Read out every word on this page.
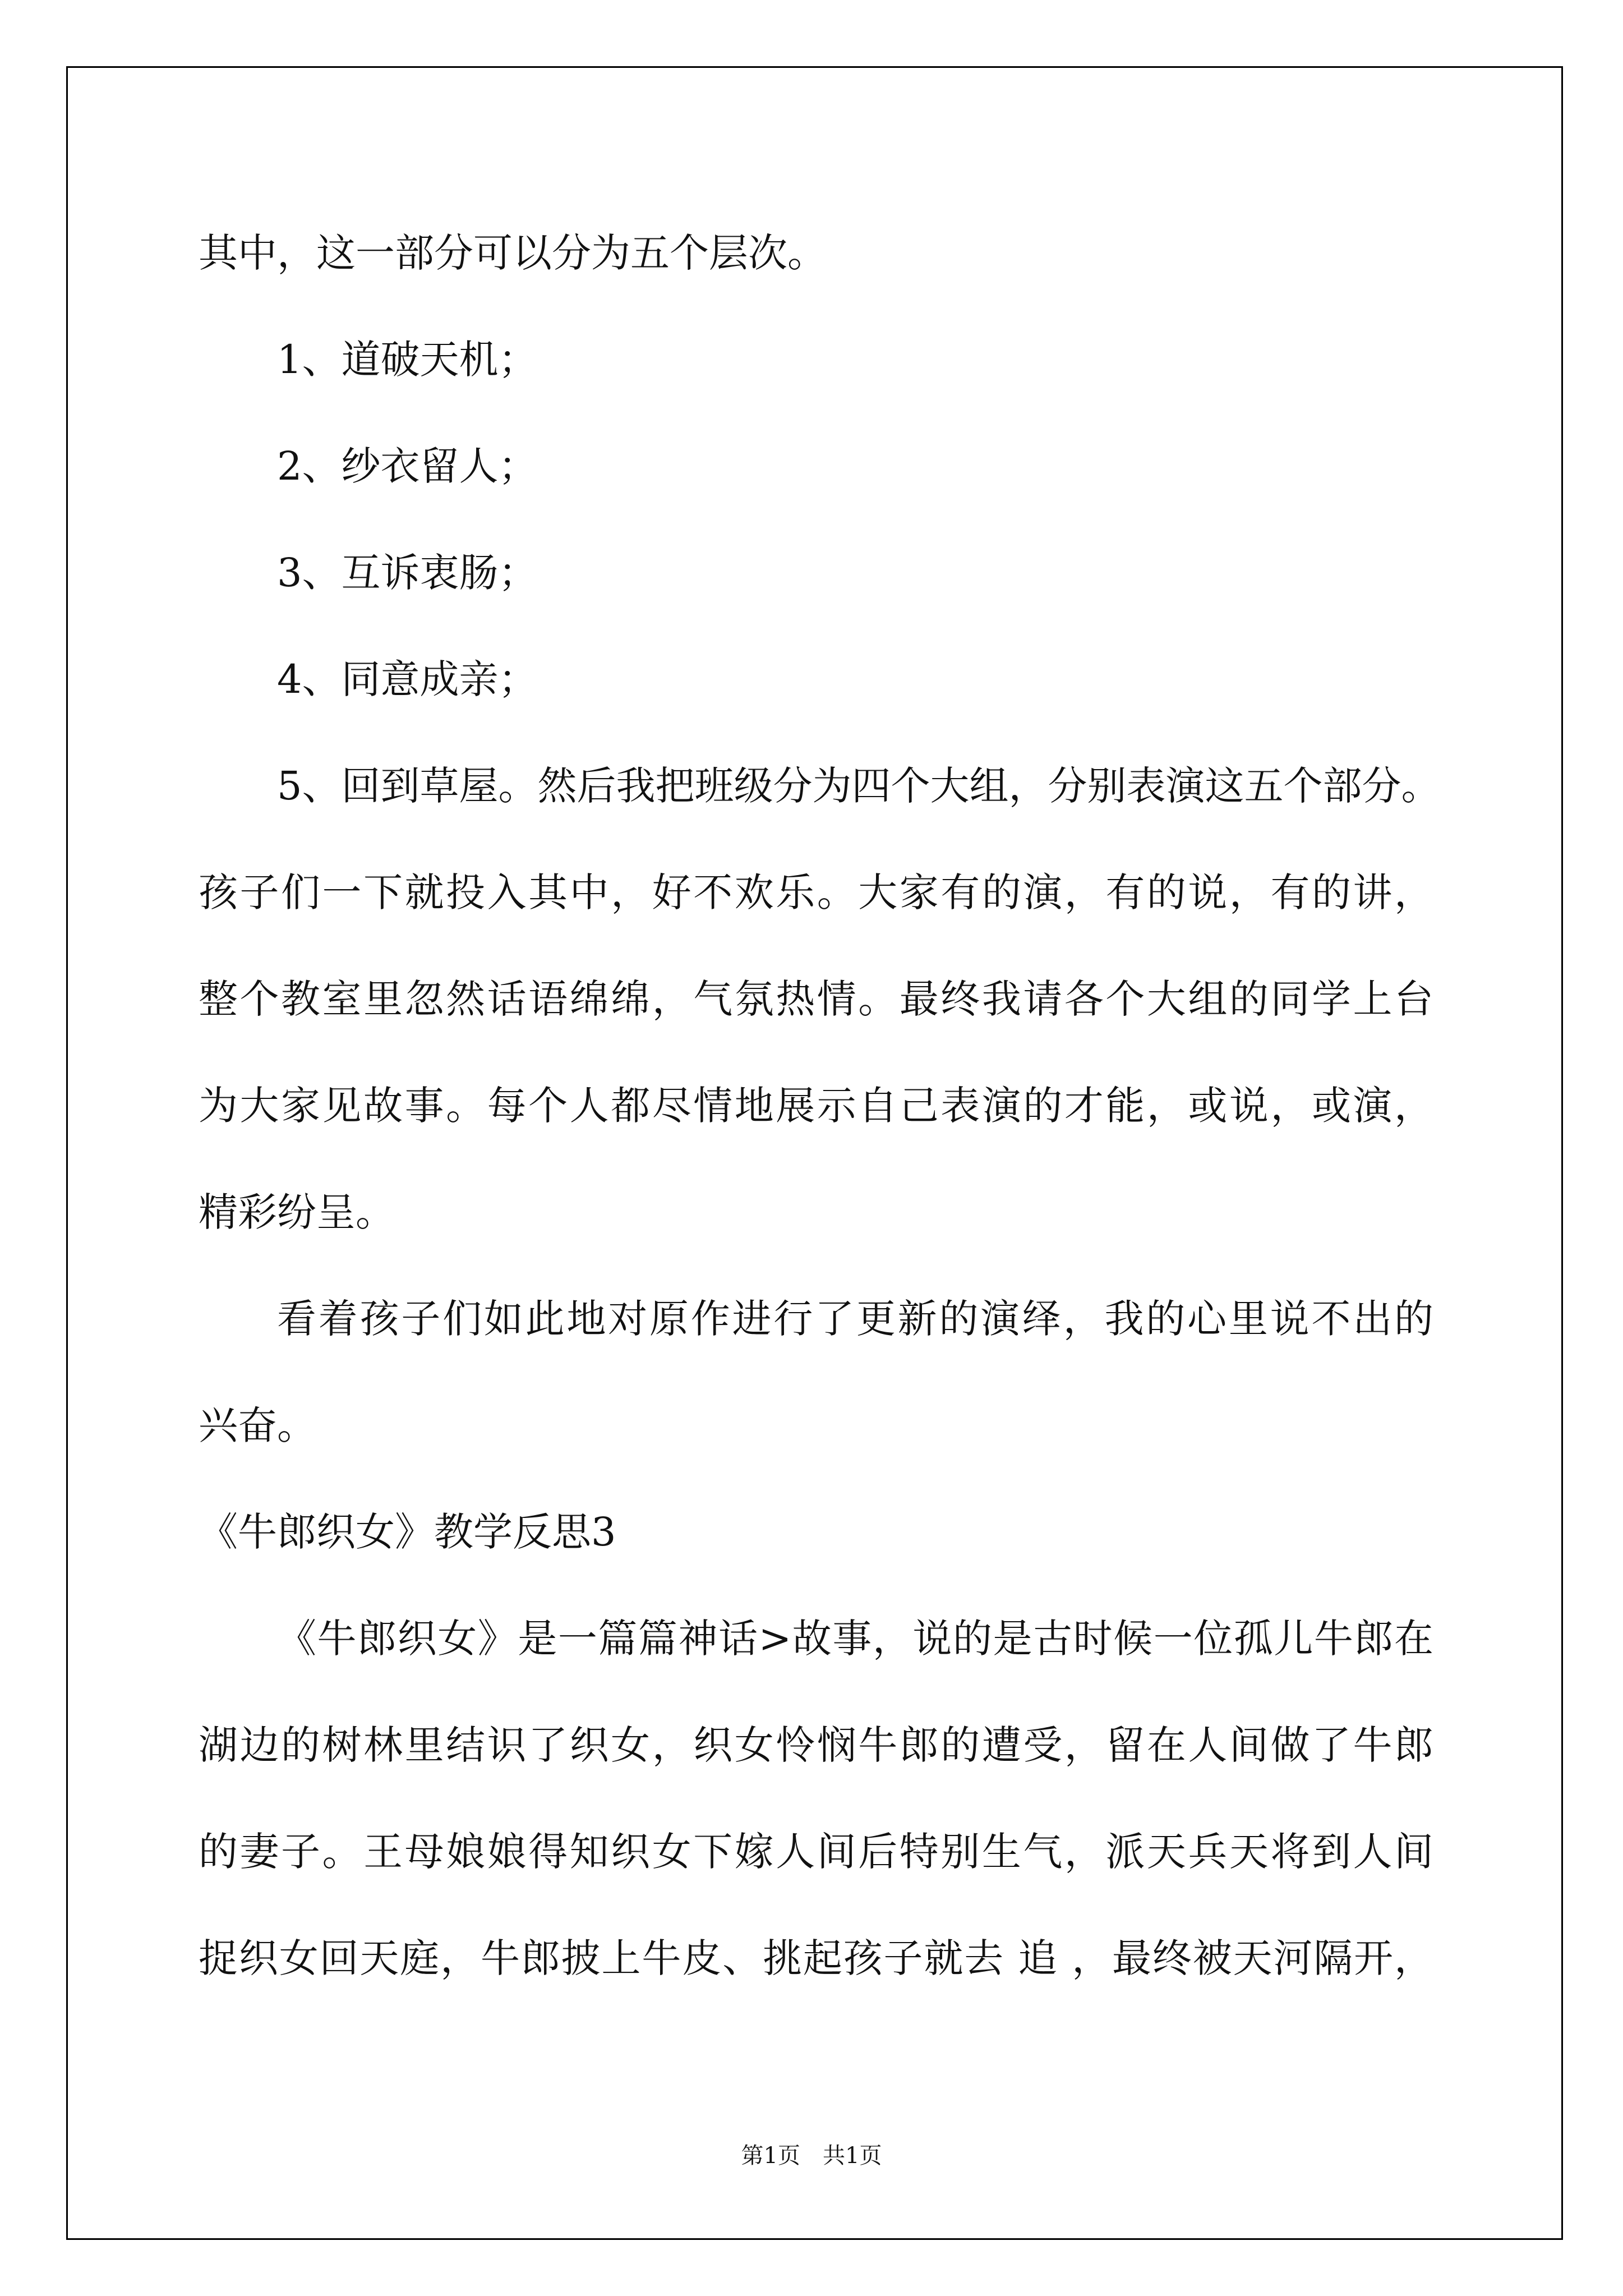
其中，这一部分可以分为五个层次。
1、道破天机；
2、纱衣留人；
3、互诉衷肠；
4、同意成亲；
5、回到草屋。然后我把班级分为四个大组，分别表演这五个部分。
孩子们一下就投入其中，好不欢乐。大家有的演，有的说，有的讲，
整个教室里忽然话语绵绵，气氛热情。最终我请各个大组的同学上台
为大家见故事。每个人都尽情地展示自己表演的才能，或说，或演，
精彩纷呈。
看着孩子们如此地对原作进行了更新的演绎，我的心里说不出的
兴奋。
《牛郎织女》教学反思3
《牛郎织女》是一篇篇神话>故事，说的是古时候一位孤儿牛郎在
湖边的树林里结识了织女，织女怜悯牛郎的遭受，留在人间做了牛郎
的妻子。王母娘娘得知织女下嫁人间后特别生气，派天兵天将到人间
捉织女回天庭，牛郎披上牛皮、挑起孩子就去 追 ，最终被天河隔开，
第1页　共1页
